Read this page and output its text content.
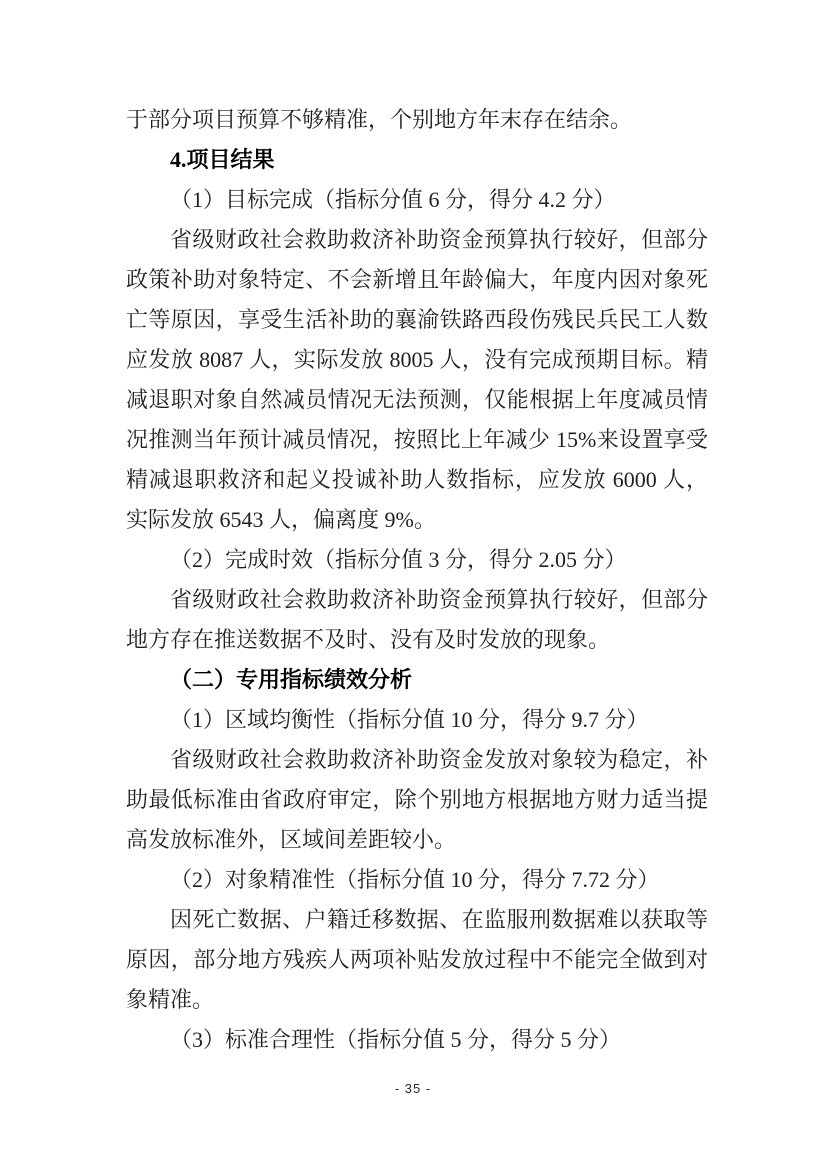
于部分项目预算不够精准，个别地方年末存在结余。

4.项目结果

（1）目标完成（指标分值 6 分，得分 4.2 分）

省级财政社会救助救济补助资金预算执行较好，但部分政策补助对象特定、不会新增且年龄偏大，年度内因对象死亡等原因，享受生活补助的襄渝铁路西段伤残民兵民工人数应发放 8087 人，实际发放 8005 人，没有完成预期目标。精减退职对象自然减员情况无法预测，仅能根据上年度减员情况推测当年预计减员情况，按照比上年减少 15%来设置享受精减退职救济和起义投诚补助人数指标，应发放 6000 人，实际发放 6543 人，偏离度 9%。

（2）完成时效（指标分值 3 分，得分 2.05 分）

省级财政社会救助救济补助资金预算执行较好，但部分地方存在推送数据不及时、没有及时发放的现象。

（二）专用指标绩效分析

（1）区域均衡性（指标分值 10 分，得分 9.7 分）

省级财政社会救助救济补助资金发放对象较为稳定，补助最低标准由省政府审定，除个别地方根据地方财力适当提高发放标准外，区域间差距较小。

（2）对象精准性（指标分值 10 分，得分 7.72 分）

因死亡数据、户籍迁移数据、在监服刑数据难以获取等原因，部分地方残疾人两项补贴发放过程中不能完全做到对象精准。

（3）标准合理性（指标分值 5 分，得分 5 分）

- 35 -
